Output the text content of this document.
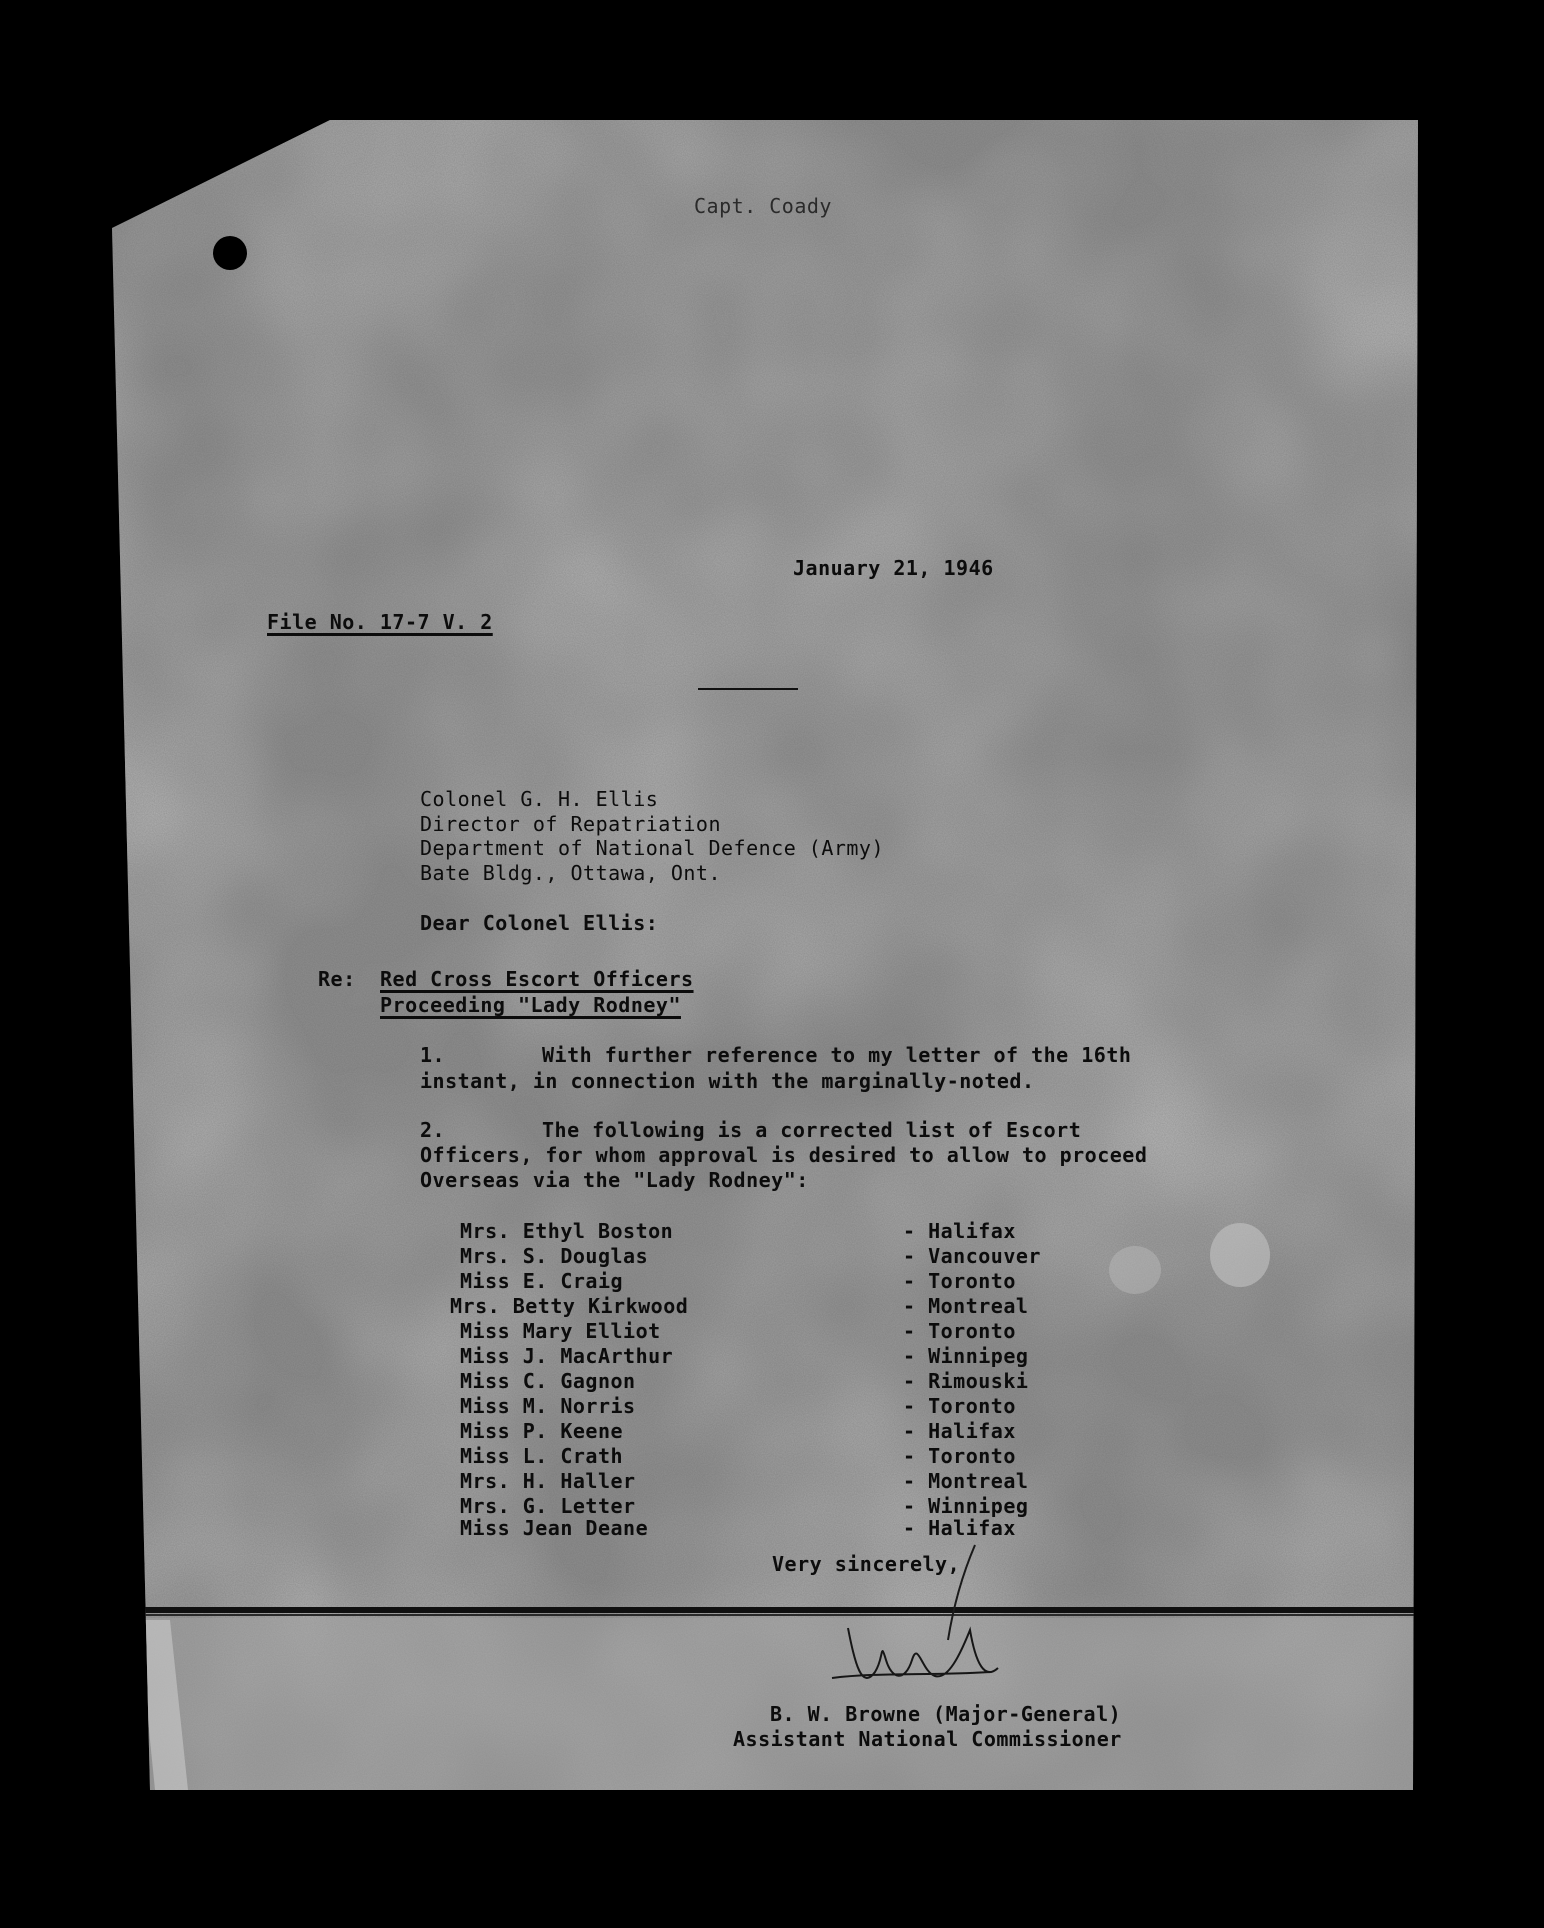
Capt. Coady
January 21, 1946
File No. 17-7 V. 2
Colonel G. H. Ellis
Director of Repatriation
Department of National Defence (Army)
Bate Bldg., Ottawa, Ont.
Dear Colonel Ellis:
Re: Red Cross Escort Officers
Proceeding "Lady Rodney"
1.	With further reference to my letter of the 16th
instant, in connection with the marginally-noted.
2.	The following is a corrected list of Escort
Officers, for whom approval is desired to allow to proceed
Overseas via the "Lady Rodney":
Mrs. Ethyl Boston	- Halifax
Mrs. S. Douglas	- Vancouver
Miss E. Craig	- Toronto
Mrs. Betty Kirkwood	- Montreal
Miss Mary Elliot	- Toronto
Miss J. MacArthur	- Winnipeg
Miss C. Gagnon	- Rimouski
Miss M. Norris	- Toronto
Miss P. Keene	- Halifax
Miss L. Crath	- Toronto
Mrs. H. Haller	- Montreal
Mrs. G. Letter	- Winnipeg
Miss Jean Deane	- Halifax
Very sincerely,
B. W. Browne (Major-General)
Assistant National Commissioner
